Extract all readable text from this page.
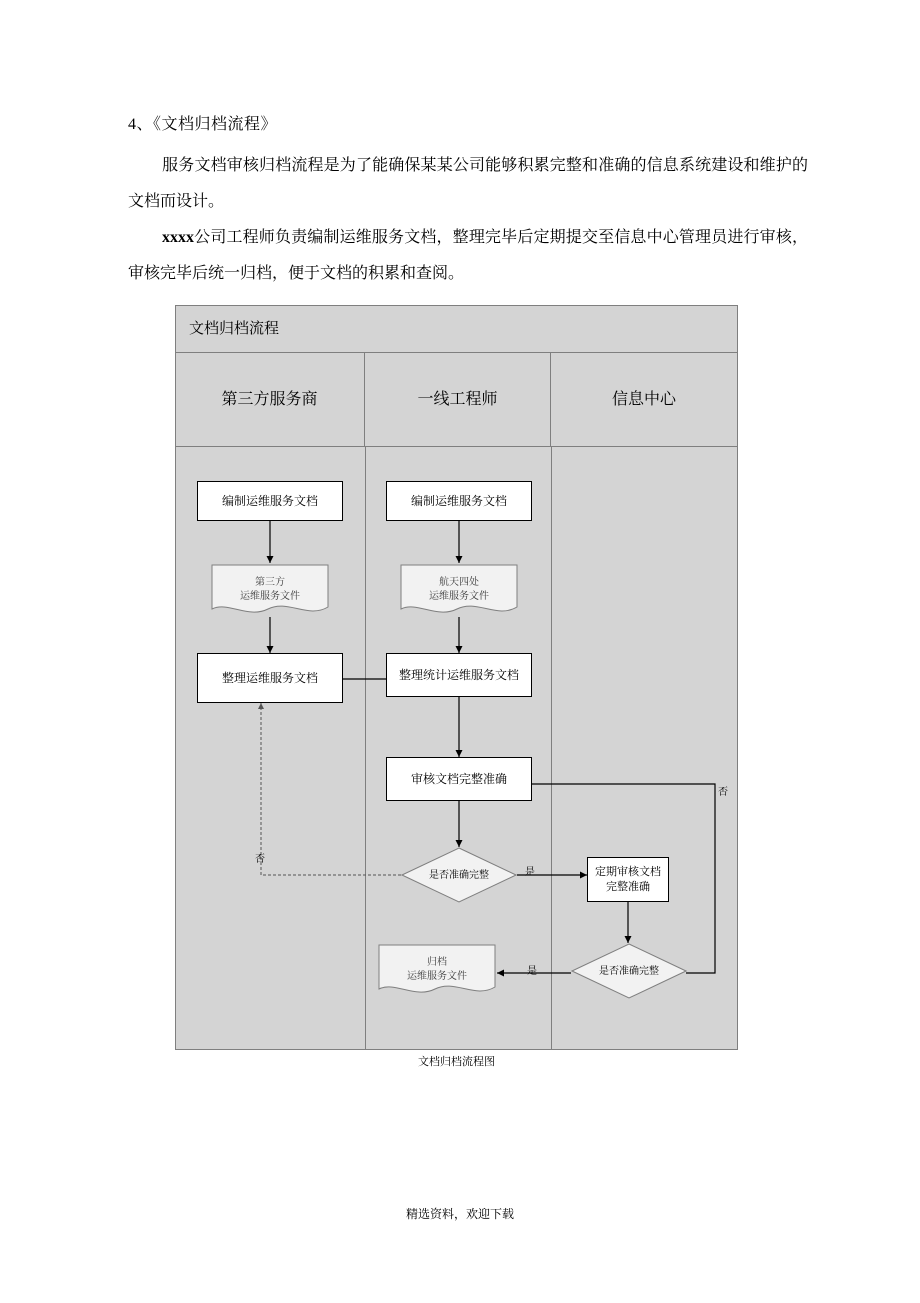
4、《文档归档流程》

服务文档审核归档流程是为了能确保某某公司能够积累完整和准确的信息系统建设和维护的文档而设计。

xxxx公司工程师负责编制运维服务文档，整理完毕后定期提交至信息中心管理员进行审核，审核完毕后统一归档，便于文档的积累和查阅。

文档归档流程
第三方服务商	一线工程师	信息中心
编制运维服务文档
第三方
运维服务文件
整理运维服务文档
编制运维服务文档
航天四处
运维服务文件
整理统计运维服务文档
审核文档完整准确
是否准确完整
归档
运维服务文件
定期审核文档
完整准确
是否准确完整
否
是
否
是
文档归档流程图
精选资料，欢迎下载
